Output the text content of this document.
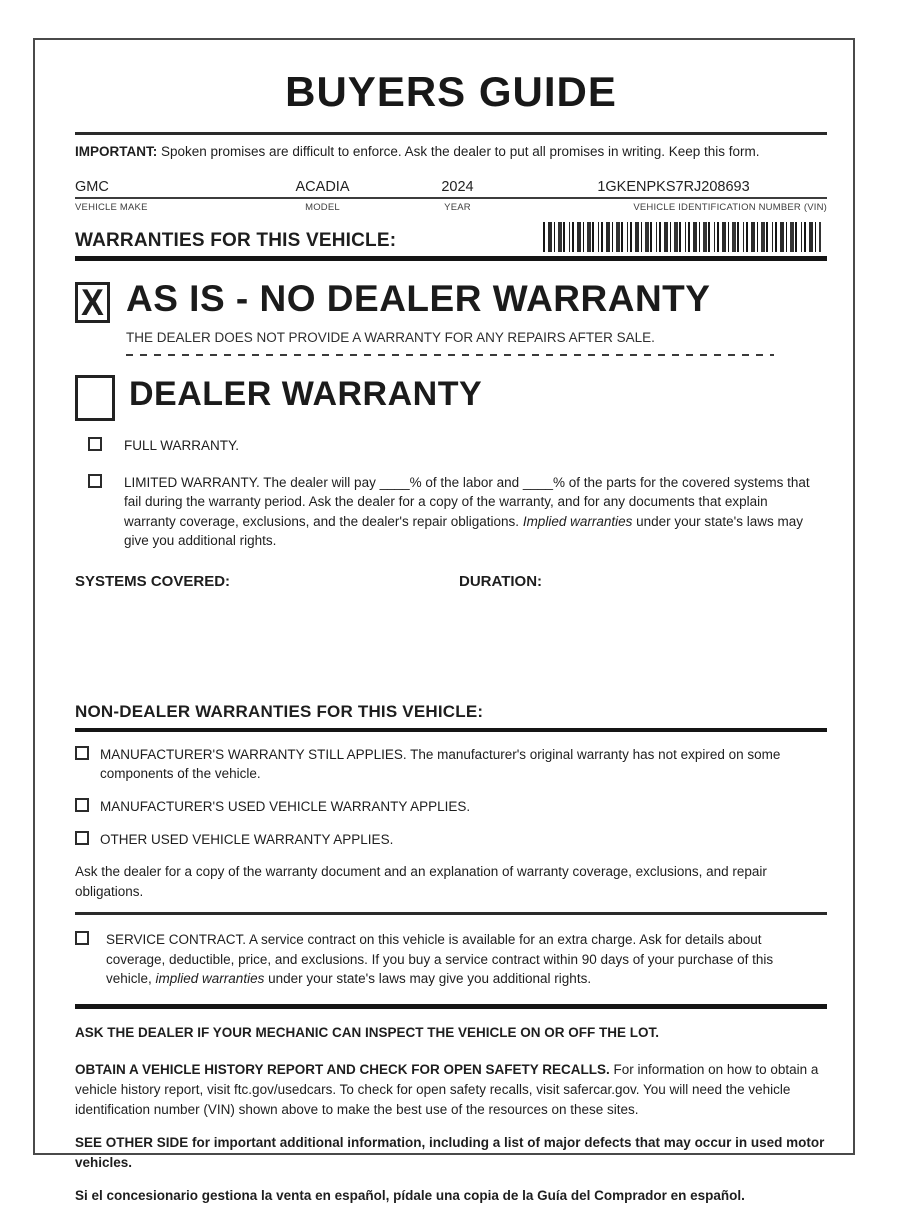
BUYERS GUIDE
IMPORTANT: Spoken promises are difficult to enforce. Ask the dealer to put all promises in writing. Keep this form.
GMC	ACADIA	2024	1GKENPKS7RJ208693
VEHICLE MAKE	MODEL	YEAR	VEHICLE IDENTIFICATION NUMBER (VIN)
WARRANTIES FOR THIS VEHICLE:
X AS IS - NO DEALER WARRANTY
THE DEALER DOES NOT PROVIDE A WARRANTY FOR ANY REPAIRS AFTER SALE.
DEALER WARRANTY
FULL WARRANTY.
LIMITED WARRANTY. The dealer will pay ____% of the labor and ____% of the parts for the covered systems that fail during the warranty period. Ask the dealer for a copy of the warranty, and for any documents that explain warranty coverage, exclusions, and the dealer's repair obligations. Implied warranties under your state's laws may give you additional rights.
SYSTEMS COVERED:	DURATION:
NON-DEALER WARRANTIES FOR THIS VEHICLE:
MANUFACTURER'S WARRANTY STILL APPLIES. The manufacturer's original warranty has not expired on some components of the vehicle.
MANUFACTURER'S USED VEHICLE WARRANTY APPLIES.
OTHER USED VEHICLE WARRANTY APPLIES.
Ask the dealer for a copy of the warranty document and an explanation of warranty coverage, exclusions, and repair obligations.
SERVICE CONTRACT. A service contract on this vehicle is available for an extra charge. Ask for details about coverage, deductible, price, and exclusions. If you buy a service contract within 90 days of your purchase of this vehicle, implied warranties under your state's laws may give you additional rights.
ASK THE DEALER IF YOUR MECHANIC CAN INSPECT THE VEHICLE ON OR OFF THE LOT.
OBTAIN A VEHICLE HISTORY REPORT AND CHECK FOR OPEN SAFETY RECALLS. For information on how to obtain a vehicle history report, visit ftc.gov/usedcars. To check for open safety recalls, visit safercar.gov. You will need the vehicle identification number (VIN) shown above to make the best use of the resources on these sites.
SEE OTHER SIDE for important additional information, including a list of major defects that may occur in used motor vehicles.
Si el concesionario gestiona la venta en español, pídale una copia de la Guía del Comprador en español.
